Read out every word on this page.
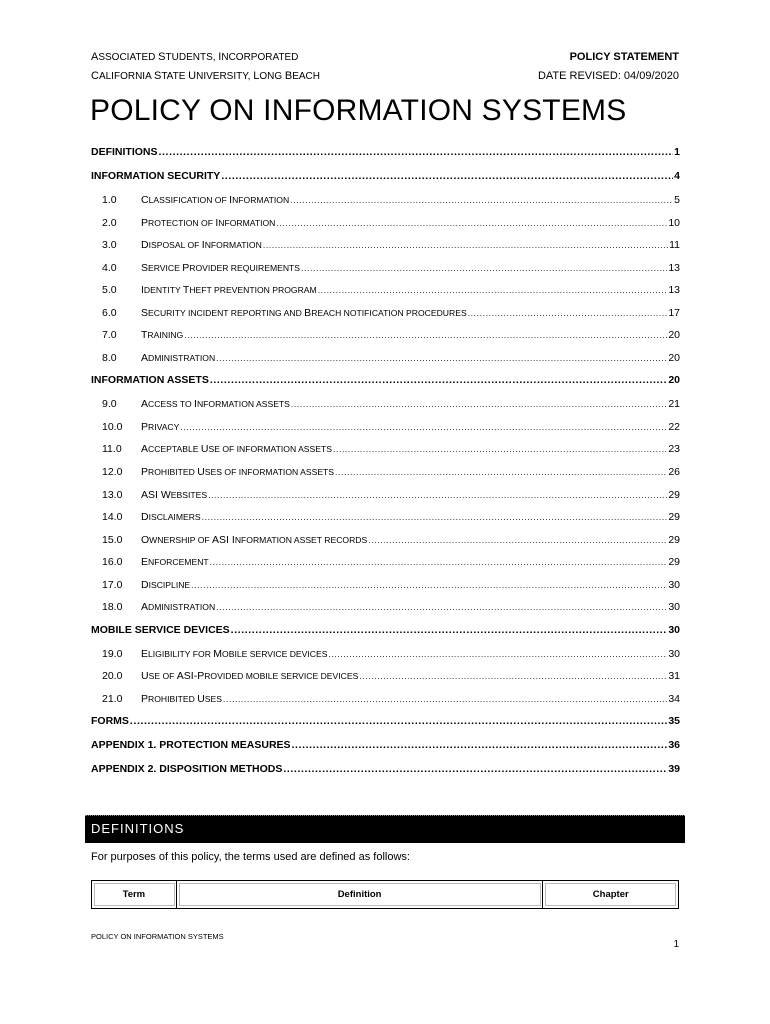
ASSOCIATED STUDENTS, INCORPORATED
CALIFORNIA STATE UNIVERSITY, LONG BEACH
POLICY STATEMENT
DATE REVISED: 04/09/2020
POLICY ON INFORMATION SYSTEMS
DEFINITIONS .....	1
INFORMATION SECURITY .....	4
1.0	CLASSIFICATION OF INFORMATION .....	5
2.0	PROTECTION OF INFORMATION .....	10
3.0	DISPOSAL OF INFORMATION .....	11
4.0	SERVICE PROVIDER REQUIREMENTS .....	13
5.0	IDENTITY THEFT PREVENTION PROGRAM .....	13
6.0	SECURITY INCIDENT REPORTING AND BREACH NOTIFICATION PROCEDURES .....	17
7.0	TRAINING .....	20
8.0	ADMINISTRATION .....	20
INFORMATION ASSETS .....	20
9.0	ACCESS TO INFORMATION ASSETS .....	21
10.0	PRIVACY .....	22
11.0	ACCEPTABLE USE OF INFORMATION ASSETS .....	23
12.0	PROHIBITED USES OF INFORMATION ASSETS .....	26
13.0	ASI WEBSITES .....	29
14.0	DISCLAIMERS .....	29
15.0	OWNERSHIP OF ASI INFORMATION ASSET RECORDS .....	29
16.0	ENFORCEMENT .....	29
17.0	DISCIPLINE .....	30
18.0	ADMINISTRATION .....	30
MOBILE SERVICE DEVICES .....	30
19.0	ELIGIBILITY FOR MOBILE SERVICE DEVICES .....	30
20.0	USE OF ASI-PROVIDED MOBILE SERVICE DEVICES .....	31
21.0	PROHIBITED USES .....	34
FORMS .....	35
APPENDIX 1. PROTECTION MEASURES .....	36
APPENDIX 2. DISPOSITION METHODS .....	39
DEFINITIONS
For purposes of this policy, the terms used are defined as follows:
Term	Definition	Chapter
POLICY ON INFORMATION SYSTEMS
1
